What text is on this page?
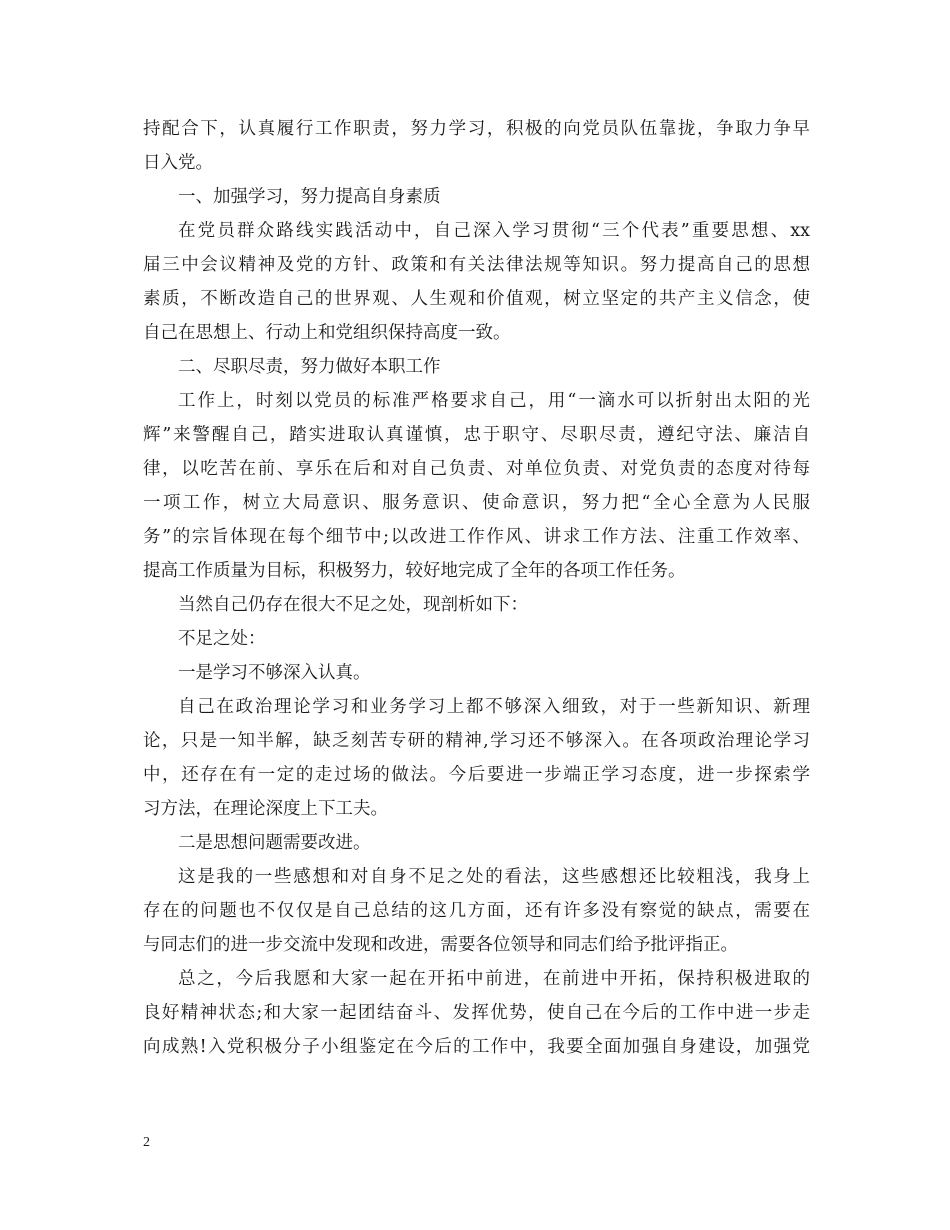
持配合下，认真履行工作职责，努力学习，积极的向党员队伍靠拢，争取力争早
日入党。
一、加强学习，努力提高自身素质
在党员群众路线实践活动中，自己深入学习贯彻“三个代表”重要思想、xx
届三中会议精神及党的方针、政策和有关法律法规等知识。努力提高自己的思想
素质，不断改造自己的世界观、人生观和价值观，树立坚定的共产主义信念，使
自己在思想上、行动上和党组织保持高度一致。
二、尽职尽责，努力做好本职工作
工作上，时刻以党员的标准严格要求自己，用“一滴水可以折射出太阳的光
辉”来警醒自己，踏实进取认真谨慎，忠于职守、尽职尽责，遵纪守法、廉洁自
律，以吃苦在前、享乐在后和对自己负责、对单位负责、对党负责的态度对待每
一项工作，树立大局意识、服务意识、使命意识，努力把“全心全意为人民服
务”的宗旨体现在每个细节中;以改进工作作风、讲求工作方法、注重工作效率、
提高工作质量为目标，积极努力，较好地完成了全年的各项工作任务。
当然自己仍存在很大不足之处，现剖析如下：
不足之处：
一是学习不够深入认真。
自己在政治理论学习和业务学习上都不够深入细致，对于一些新知识、新理
论，只是一知半解，缺乏刻苦专研的精神,学习还不够深入。在各项政治理论学习
中，还存在有一定的走过场的做法。今后要进一步端正学习态度，进一步探索学
习方法，在理论深度上下工夫。
二是思想问题需要改进。
这是我的一些感想和对自身不足之处的看法，这些感想还比较粗浅，我身上
存在的问题也不仅仅是自己总结的这几方面，还有许多没有察觉的缺点，需要在
与同志们的进一步交流中发现和改进，需要各位领导和同志们给予批评指正。
总之，今后我愿和大家一起在开拓中前进，在前进中开拓，保持积极进取的
良好精神状态;和大家一起团结奋斗、发挥优势，使自己在今后的工作中进一步走
向成熟!入党积极分子小组鉴定在今后的工作中，我要全面加强自身建设，加强党
2
